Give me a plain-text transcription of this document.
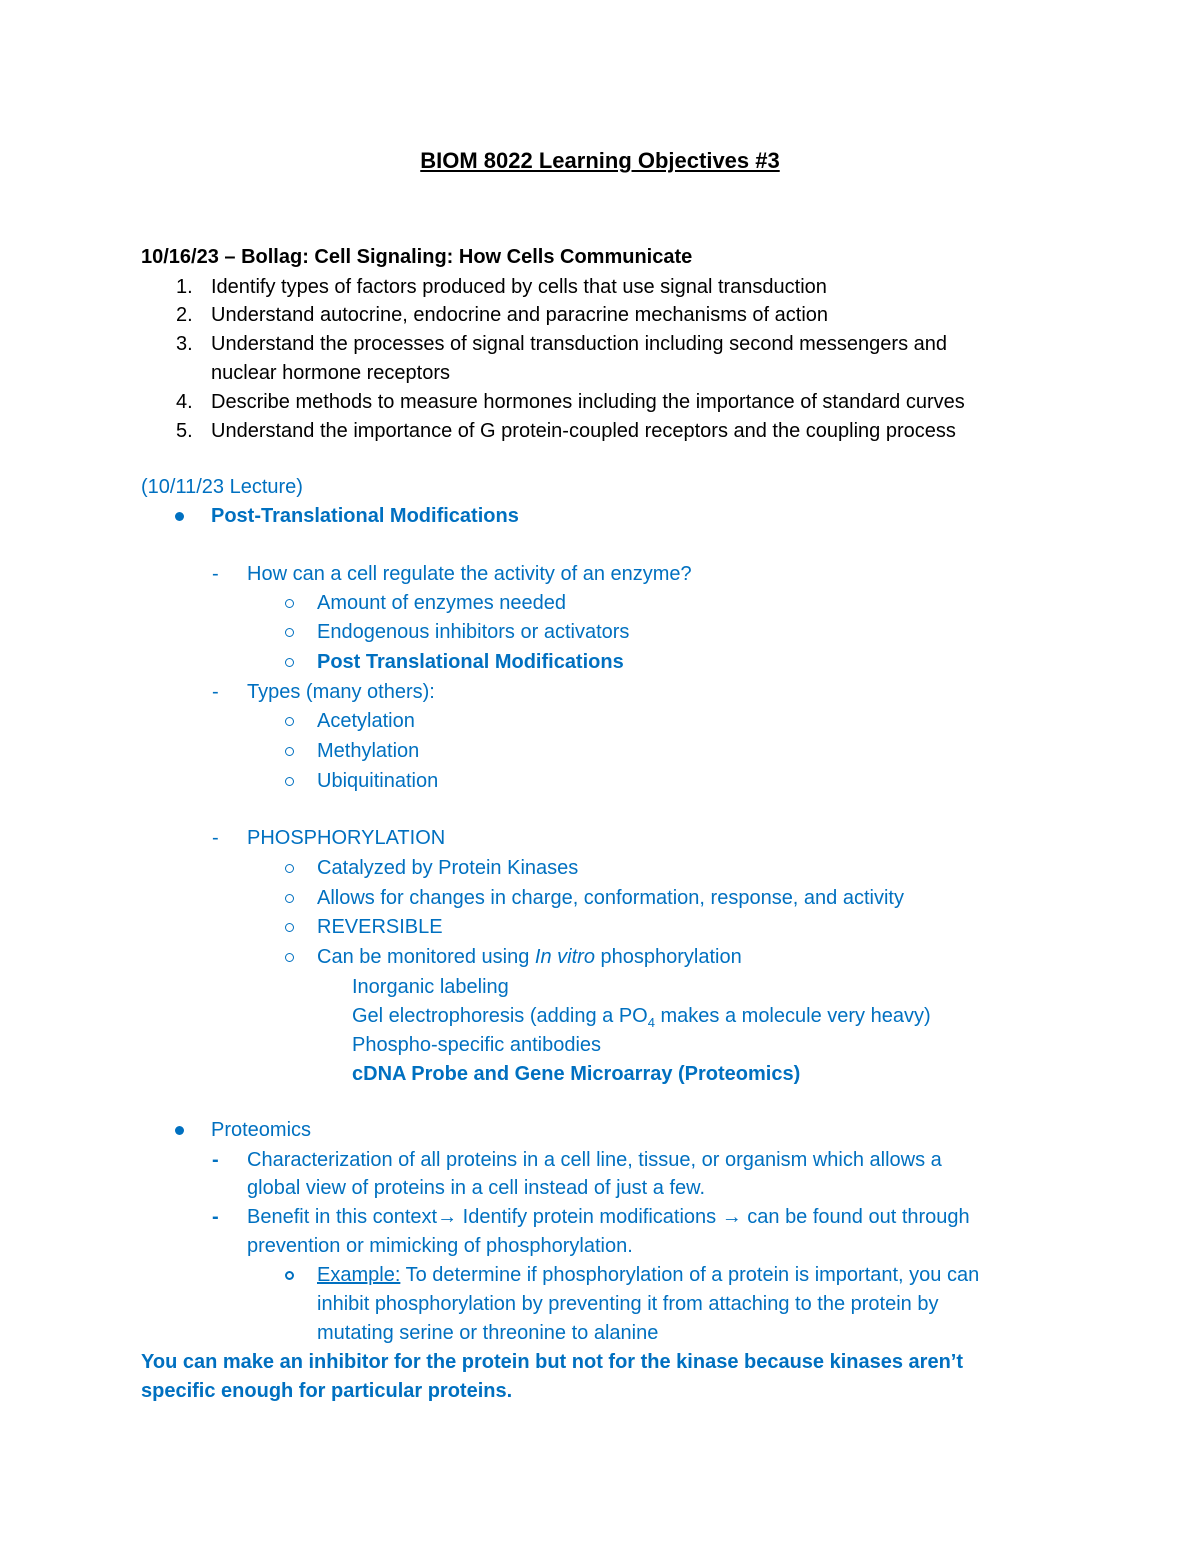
BIOM 8022 Learning Objectives #3
10/16/23 – Bollag: Cell Signaling: How Cells Communicate
1. Identify types of factors produced by cells that use signal transduction
2. Understand autocrine, endocrine and paracrine mechanisms of action
3. Understand the processes of signal transduction including second messengers and
nuclear hormone receptors
4. Describe methods to measure hormones including the importance of standard curves
5. Understand the importance of G protein-coupled receptors and the coupling process
(10/11/23 Lecture)
Post-Translational Modifications
- How can a cell regulate the activity of an enzyme?
Amount of enzymes needed
Endogenous inhibitors or activators
Post Translational Modifications
- Types (many others):
Acetylation
Methylation
Ubiquitination
- PHOSPHORYLATION
Catalyzed by Protein Kinases
Allows for changes in charge, conformation, response, and activity
REVERSIBLE
Can be monitored using In vitro phosphorylation
Inorganic labeling
Gel electrophoresis (adding a $PO_4$ makes a molecule very heavy)
Phospho-specific antibodies
cDNA Probe and Gene Microarray (Proteomics)
Proteomics
- Characterization of all proteins in a cell line, tissue, or organism which allows a
global view of proteins in a cell instead of just a few.
- Benefit in this context→ Identify protein modifications → can be found out through
prevention or mimicking of phosphorylation.
Example: To determine if phosphorylation of a protein is important, you can
inhibit phosphorylation by preventing it from attaching to the protein by
mutating serine or threonine to alanine
You can make an inhibitor for the protein but not for the kinase because kinases aren’t
specific enough for particular proteins.
